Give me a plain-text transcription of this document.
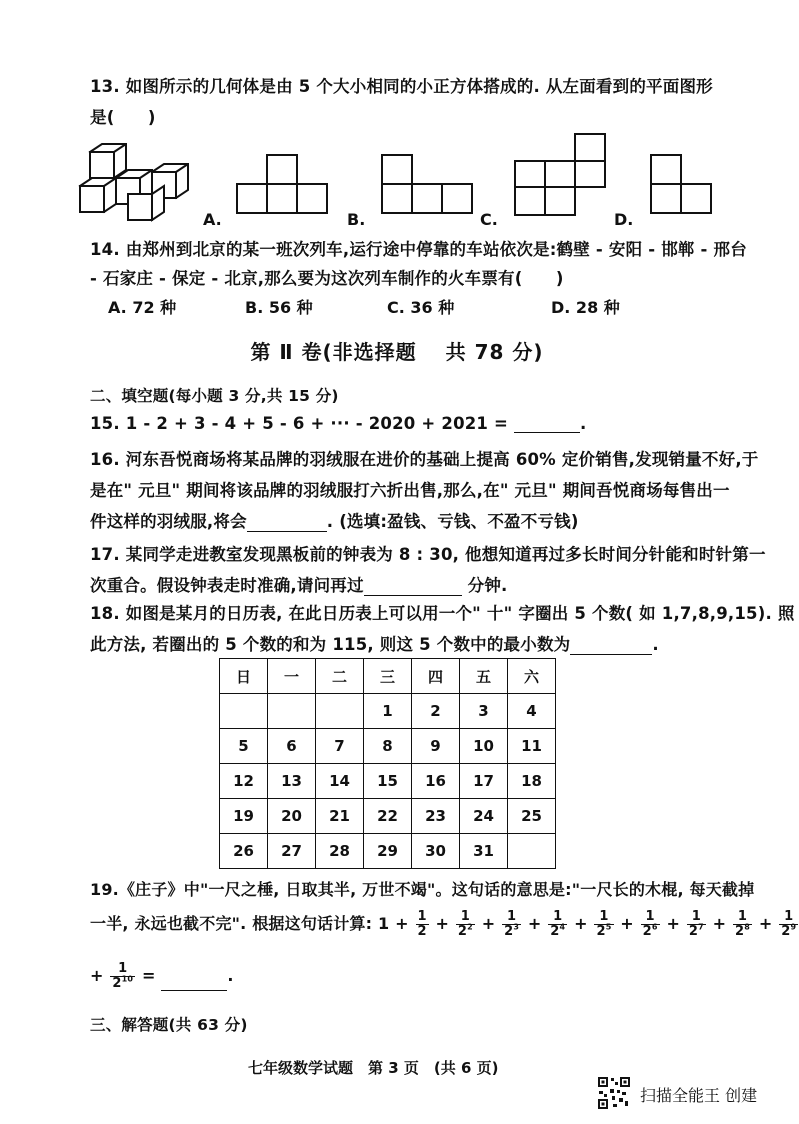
13. 如图所示的几何体是由 5 个大小相同的小正方体搭成的. 从左面看到的平面图形
是(　　)
A.	B.	C.	D.
14. 由郑州到北京的某一班次列车,运行途中停靠的车站依次是:鹤壁 - 安阳 - 邯郸 - 邢台
- 石家庄 - 保定 - 北京,那么要为这次列车制作的火车票有(　　)
A. 72 种	B. 56 种	C. 36 种	D. 28 种
第 Ⅱ 卷(非选择题　 共 78 分)
二、填空题(每小题 3 分,共 15 分)
15. 1 - 2 + 3 - 4 + 5 - 6 + ··· - 2020 + 2021 =	.
16. 河东吾悦商场将某品牌的羽绒服在进价的基础上提高 60% 定价销售,发现销量不好,于
是在" 元旦" 期间将该品牌的羽绒服打六折出售,那么,在" 元旦" 期间吾悦商场每售出一
件这样的羽绒服,将会	. (选填:盈钱、亏钱、不盈不亏钱)
17. 某同学走进教室发现黑板前的钟表为 8 : 30, 他想知道再过多长时间分针能和时针第一
次重合。假设钟表走时准确,请问再过	分钟.
18. 如图是某月的日历表, 在此日历表上可以用一个" 十" 字圈出 5 个数( 如 1,7,8,9,15). 照
此方法, 若圈出的 5 个数的和为 115, 则这 5 个数中的最小数为	.
日	一	二	三	四	五	六
			1	2	3	4
5	6	7	8	9	10	11
12	13	14	15	16	17	18
19	20	21	22	23	24	25
26	27	28	29	30	31	
19.《庄子》中"一尺之棰, 日取其半, 万世不竭"。这句话的意思是:"一尺长的木棍, 每天截掉
一半, 永远也截不完". 根据这句话计算: $1 + \frac{1}{2} + \frac{1}{2^2} + \frac{1}{2^3} + \frac{1}{2^4} + \frac{1}{2^5} + \frac{1}{2^6} + \frac{1}{2^7} + \frac{1}{2^8} + \frac{1}{2^9}$
+ $\frac{1}{2^{10}}$ =	.
三、解答题(共 63 分)
七年级数学试题　第 3 页　(共 6 页)
扫描全能王 创建
